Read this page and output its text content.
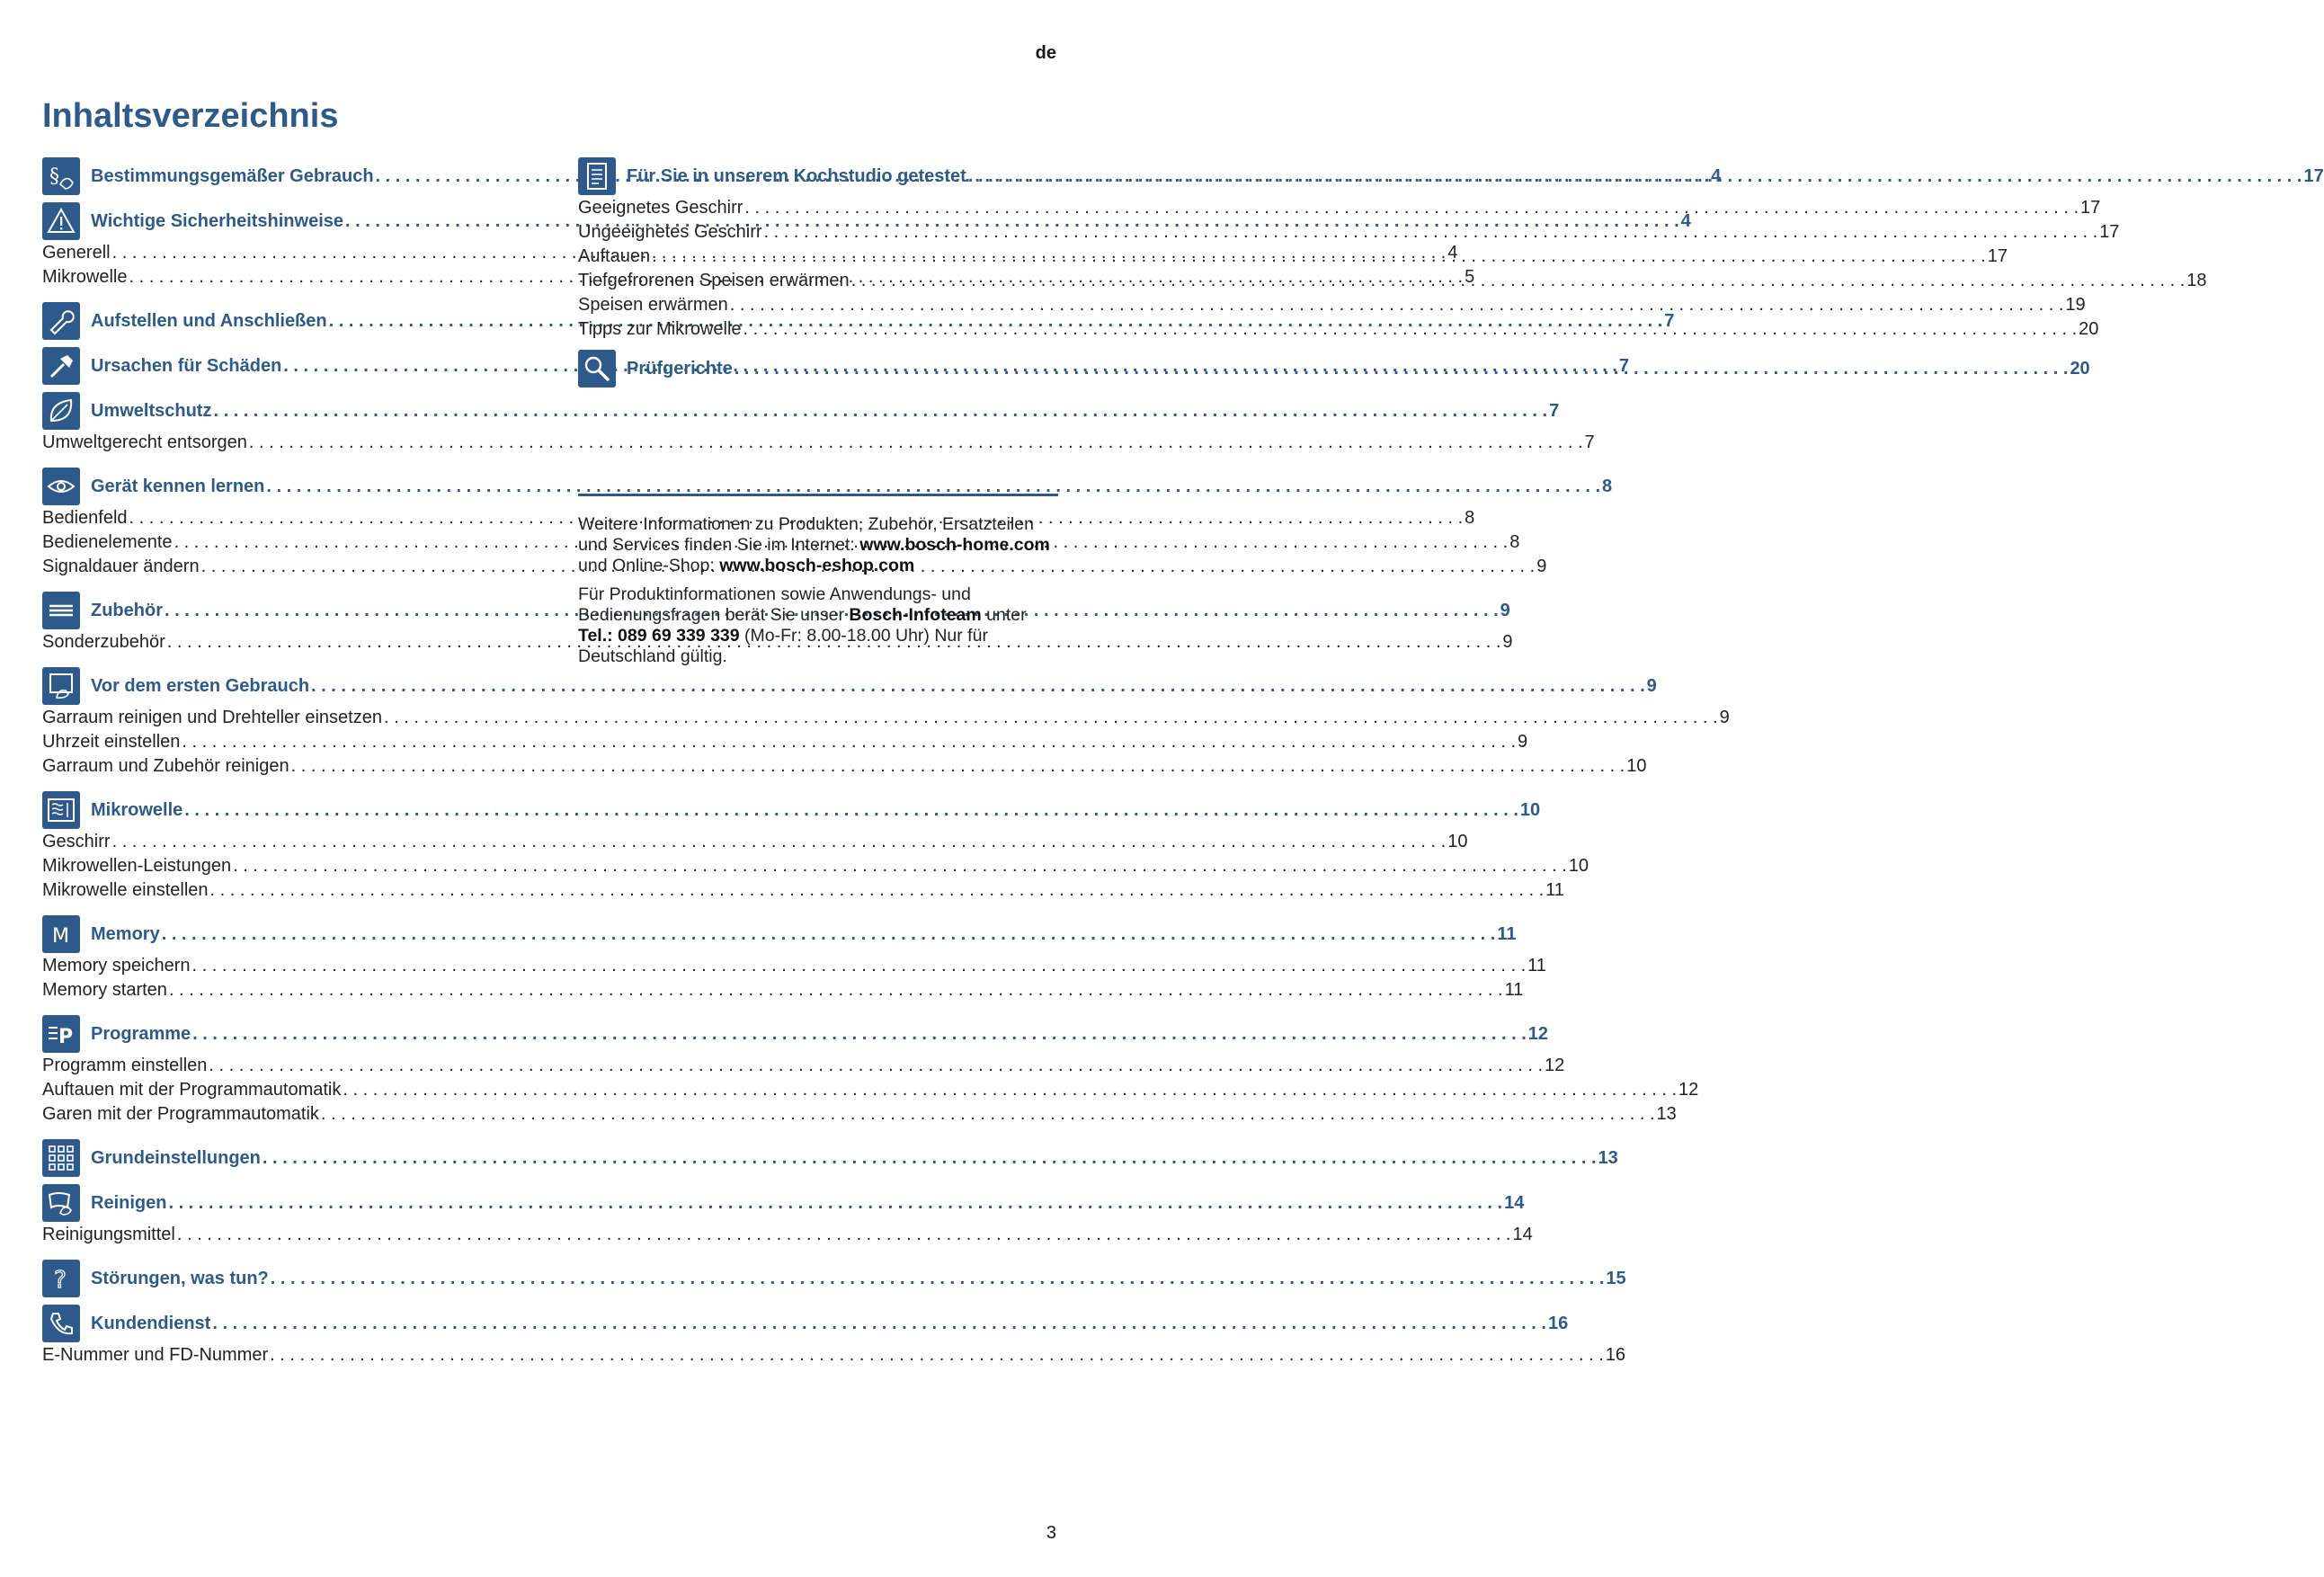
de
Inhaltsverzeichnis
§ Bestimmungsgemäßer Gebrauch . . .	4
Wichtige Sicherheitshinweise . . .	4
Generell . . .	4
Mikrowelle . . .	5
Aufstellen und Anschließen . . .	7
Ursachen für Schäden . . .	7
Umweltschutz . . .	7
Umweltgerecht entsorgen . . .	7
Gerät kennen lernen . . .	8
Bedienfeld . . .	8
Bedienelemente . . .	8
Signaldauer ändern . . .	9
Zubehör . . .	9
Sonderzubehör . . .	9
Vor dem ersten Gebrauch . . .	9
Garraum reinigen und Drehteller einsetzen . . .	9
Uhrzeit einstellen . . .	9
Garraum und Zubehör reinigen . . .	10
Mikrowelle . . .	10
Geschirr . . .	10
Mikrowellen-Leistungen . . .	10
Mikrowelle einstellen . . .	11
M Memory . . .	11
Memory speichern . . .	11
Memory starten . . .	11
P Programme . . .	12
Programm einstellen . . .	12
Auftauen mit der Programmautomatik . . .	12
Garen mit der Programmautomatik . . .	13
Grundeinstellungen . . .	13
Reinigen . . .	14
Reinigungsmittel . . .	14
? Störungen, was tun? . . .	15
Kundendienst . . .	16
E-Nummer und FD-Nummer . . .	16
Für Sie in unserem Kochstudio getestet . . .	17
Geeignetes Geschirr . . .	17
Ungeeignetes Geschirr . . .	17
Auftauen . . .	17
Tiefgefrorenen Speisen erwärmen . . .	18
Speisen erwärmen . . .	19
Tipps zur Mikrowelle . . .	20
Prüfgerichte . . .	20

Weitere Informationen zu Produkten, Zubehör, Ersatzteilen und Services finden Sie im Internet: www.bosch-home.com und Online-Shop: www.bosch-eshop.com

Für Produktinformationen sowie Anwendungs- und Bedienungsfragen berät Sie unser Bosch-Infoteam unter Tel.: 089 69 339 339 (Mo-Fr: 8.00-18.00 Uhr) Nur für Deutschland gültig.

3
